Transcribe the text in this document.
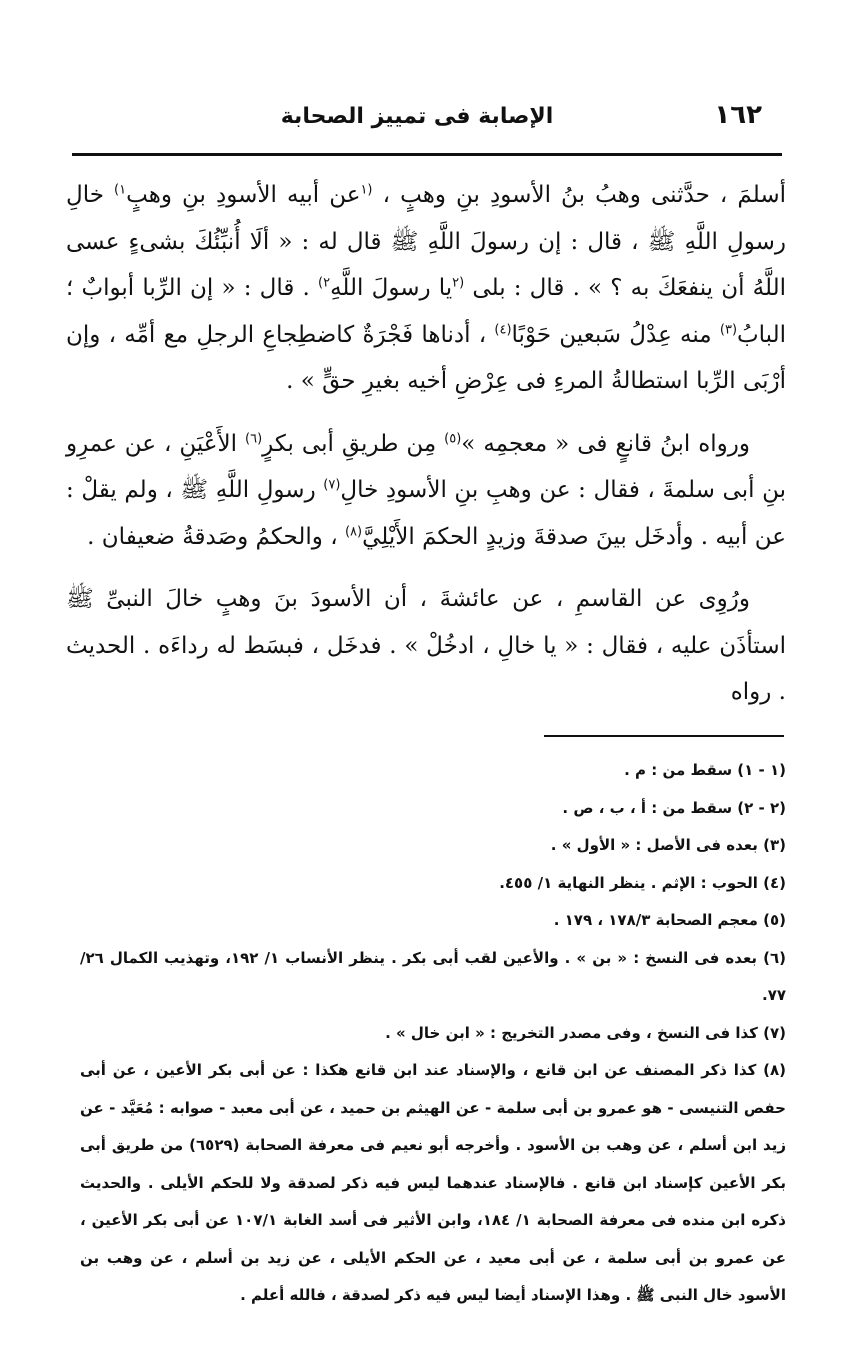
١٦٢
الإصابة فى تمييز الصحابة

أسلمَ ، حدَّثنى وهبُ بنُ الأسودِ بنِ وهبٍ ، $^{(١}$عن أبيه الأسودِ بنِ وهبٍ$^{١)}$ خالِ رسولِ اللَّهِ ﷺ ، قال : إن رسولَ اللَّهِ ﷺ قال له : « ألَا أُنبِّئُكَ بشىءٍ عسى اللَّهُ أن ينفعَكَ به ؟ » . قال : بلى $^{(٢}$يا رسولَ اللَّهِ$^{٢)}$ . قال : « إن الرِّبا أبوابٌ ؛ البابُ$^{(٣)}$ منه عِدْلُ سَبعين حَوْبًا$^{(٤)}$ ، أدناها فَجْرَةٌ كاضطِجاعِ الرجلِ مع أمِّه ، وإن أرْبَى الرِّبا استطالةُ المرءِ فى عِرْضِ أخيه بغيرِ حقٍّ » .

ورواه ابنُ قانعٍ فى « معجمِه »$^{(٥)}$ مِن طريقِ أبى بكرٍ$^{(٦)}$ الأَعْيَنِ ، عن عمرِو بنِ أبى سلمةَ ، فقال : عن وهبِ بنِ الأسودِ خالِ$^{(٧)}$ رسولِ اللَّهِ ﷺ ، ولم يقلْ : عن أبيه . وأدخَل بينَ صدقةَ وزيدٍ الحكمَ الأَيْلِيَّ$^{(٨)}$ ، والحكمُ وصَدقةُ ضعيفان .

ورُوِى عن القاسمِ ، عن عائشةَ ، أن الأسودَ بنَ وهبٍ خالَ النبىِّ ﷺ استأذَن عليه ، فقال : « يا خالِ ، ادخُلْ » . فدخَل ، فبسَط له رداءَه . الحديث . رواه

(١ - ١) سقط من : م .

(٢ - ٢) سقط من : أ ، ب ، ص .

(٣) بعده فى الأصل : « الأول » .

(٤) الحوب : الإثم . ينظر النهاية ١/ ٤٥٥.

(٥) معجم الصحابة ١٧٨/٣ ، ١٧٩ .

(٦) بعده فى النسخ : « بن » . والأعين لقب أبى بكر . ينظر الأنساب ١/ ١٩٢، وتهذيب الكمال ٢٦/ ٧٧.

(٧) كذا فى النسخ ، وفى مصدر التخريج : « ابن خال » .

(٨) كذا ذكر المصنف عن ابن قانع ، والإسناد عند ابن قانع هكذا : عن أبى بكر الأعين ، عن أبى حفص التنيسى - هو عمرو بن أبى سلمة - عن الهيثم بن حميد ، عن أبى معبد - صوابه : مُعَيَّد - عن زيد ابن أسلم ، عن وهب بن الأسود . وأخرجه أبو نعيم فى معرفة الصحابة (٦٥٢٩) من طريق أبى بكر الأعين كإسناد ابن قانع . فالإسناد عندهما ليس فيه ذكر لصدقة ولا للحكم الأيلى . والحديث ذكره ابن منده فى معرفة الصحابة ١/ ١٨٤، وابن الأثير فى أسد الغابة ١٠٧/١ عن أبى بكر الأعين ، عن عمرو بن أبى سلمة ، عن أبى معيد ، عن الحكم الأيلى ، عن زيد بن أسلم ، عن وهب بن الأسود خال النبى ﷺ . وهذا الإسناد أيضا ليس فيه ذكر لصدقة ، فالله أعلم .
